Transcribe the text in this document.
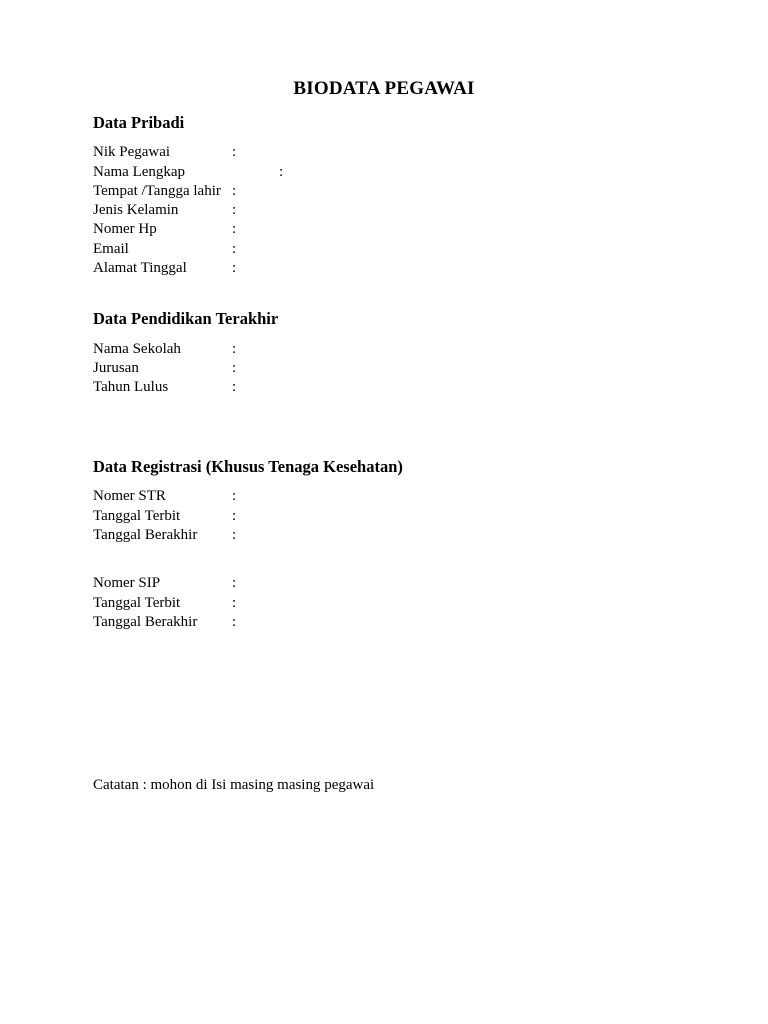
BIODATA PEGAWAI
Data Pribadi
Nik Pegawai	:
Nama Lengkap	:
Tempat /Tangga lahir :
Jenis Kelamin	:
Nomer Hp	:
Email	:
Alamat Tinggal	:
Data Pendidikan Terakhir
Nama Sekolah	:
Jurusan	:
Tahun Lulus	:
Data Registrasi (Khusus Tenaga Kesehatan)
Nomer STR	:
Tanggal Terbit	:
Tanggal Berakhir :
Nomer SIP	:
Tanggal Terbit	:
Tanggal Berakhir :
Catatan : mohon di Isi masing masing pegawai
